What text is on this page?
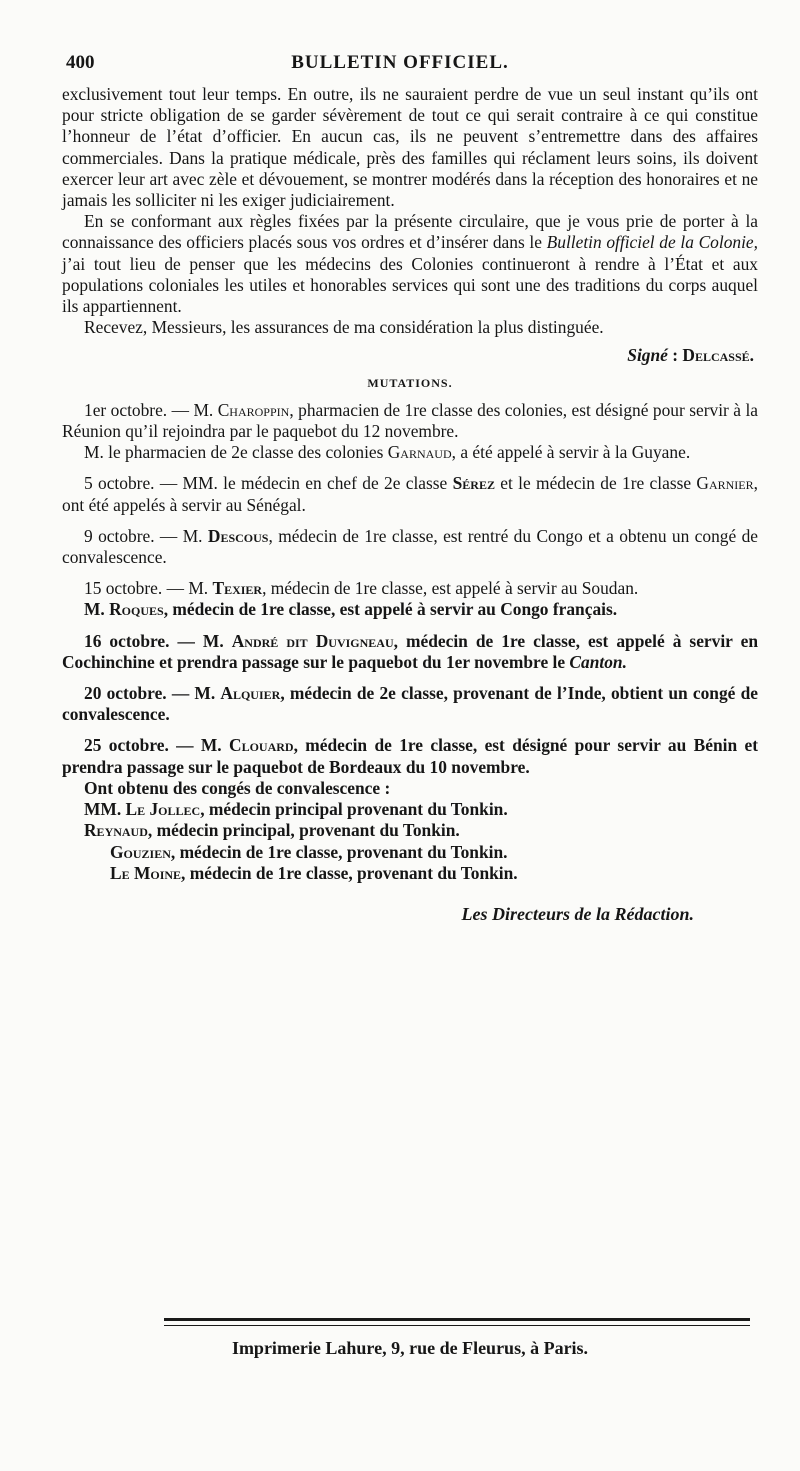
400	BULLETIN OFFICIEL.

exclusivement tout leur temps. En outre, ils ne sauraient perdre de vue un seul instant qu’ils ont pour stricte obligation de se garder sévèrement de tout ce qui serait contraire à ce qui constitue l’honneur de l’état d’officier. En aucun cas, ils ne peuvent s’entremettre dans des affaires commerciales. Dans la pratique médicale, près des familles qui réclament leurs soins, ils doivent exercer leur art avec zèle et dévouement, se montrer modérés dans la réception des honoraires et ne jamais les solliciter ni les exiger judiciairement.

En se conformant aux règles fixées par la présente circulaire, que je vous prie de porter à la connaissance des officiers placés sous vos ordres et d’insérer dans le Bulletin officiel de la Colonie, j’ai tout lieu de penser que les médecins des Colonies continueront à rendre à l’État et aux populations coloniales les utiles et honorables services qui sont une des traditions du corps auquel ils appartiennent.

Recevez, Messieurs, les assurances de ma considération la plus distinguée.

Signé : Delcassé.

MUTATIONS.

1er octobre. — M. Charoppin, pharmacien de 1re classe des colonies, est désigné pour servir à la Réunion qu’il rejoindra par le paquebot du 12 novembre.

M. le pharmacien de 2e classe des colonies Garnaud, a été appelé à servir à la Guyane.

5 octobre. — MM. le médecin en chef de 2e classe Sérez et le médecin de 1re classe Garnier, ont été appelés à servir au Sénégal.

9 octobre. — M. Descous, médecin de 1re classe, est rentré du Congo et a obtenu un congé de convalescence.

15 octobre. — M. Texier, médecin de 1re classe, est appelé à servir au Soudan.

M. Roques, médecin de 1re classe, est appelé à servir au Congo français.

16 octobre. — M. André dit Duvigneau, médecin de 1re classe, est appelé à servir en Cochinchine et prendra passage sur le paquebot du 1er novembre le Canton.

20 octobre. — M. Alquier, médecin de 2e classe, provenant de l’Inde, obtient un congé de convalescence.

25 octobre. — M. Clouard, médecin de 1re classe, est désigné pour servir au Bénin et prendra passage sur le paquebot de Bordeaux du 10 novembre.

Ont obtenu des congés de convalescence :

MM. Le Jollec, médecin principal provenant du Tonkin.

Reynaud, médecin principal, provenant du Tonkin.

Gouzien, médecin de 1re classe, provenant du Tonkin.

Le Moine, médecin de 1re classe, provenant du Tonkin.

Les Directeurs de la Rédaction.

Imprimerie Lahure, 9, rue de Fleurus, à Paris.
